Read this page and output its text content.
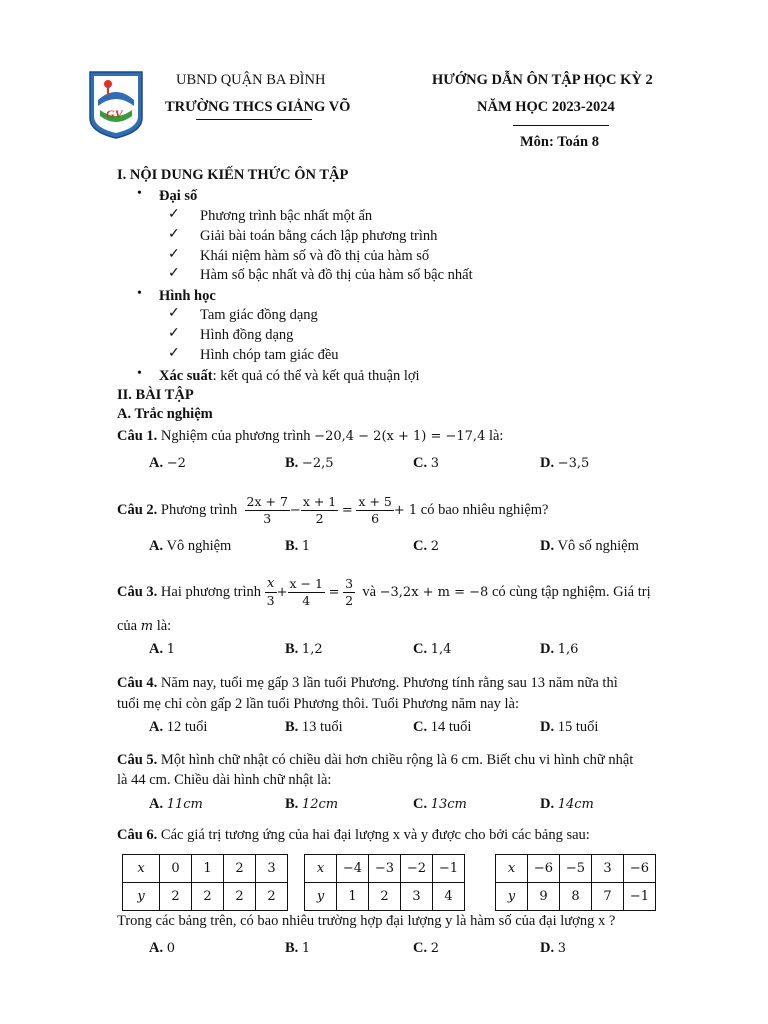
GV
UBND QUẬN BA ĐÌNH
TRƯỜNG THCS GIẢNG VÕ
HƯỚNG DẪN ÔN TẬP HỌC KỲ 2
NĂM HỌC 2023-2024
Môn: Toán 8
I. NỘI DUNG KIẾN THỨC ÔN TẬP
• Đại số
✓ Phương trình bậc nhất một ẩn
✓ Giải bài toán bằng cách lập phương trình
✓ Khái niệm hàm số và đồ thị của hàm số
✓ Hàm số bậc nhất và đồ thị của hàm số bậc nhất
• Hình học
✓ Tam giác đồng dạng
✓ Hình đồng dạng
✓ Hình chóp tam giác đều
• Xác suất: kết quả có thể và kết quả thuận lợi
II. BÀI TẬP
A. Trắc nghiệm
Câu 1. Nghiệm của phương trình −20,4 − 2(x + 1) = −17,4 là:
A. −2	B. −2,5	C. 3	D. −3,5
Câu 2. Phương trình $\frac{2x + 7}{3} - \frac{x + 1}{2} = \frac{x + 5}{6} + 1$ có bao nhiêu nghiệm?
A. Vô nghiệm	B. 1	C. 2	D. Vô số nghiệm
Câu 3. Hai phương trình $\frac{x}{3} + \frac{x - 1}{4} = \frac{3}{2}$ và −3,2x + m = −8 có cùng tập nghiệm. Giá trị
của m là:
A. 1	B. 1,2	C. 1,4	D. 1,6
Câu 4. Năm nay, tuổi mẹ gấp 3 lần tuổi Phương. Phương tính rằng sau 13 năm nữa thì
tuổi mẹ chỉ còn gấp 2 lần tuổi Phương thôi. Tuổi Phương năm nay là:
A. 12 tuổi	B. 13 tuổi	C. 14 tuổi	D. 15 tuổi
Câu 5. Một hình chữ nhật có chiều dài hơn chiều rộng là 6 cm. Biết chu vi hình chữ nhật
là 44 cm. Chiều dài hình chữ nhật là:
A. 11cm	B. 12cm	C. 13cm	D. 14cm
Câu 6. Các giá trị tương ứng của hai đại lượng x và y được cho bởi các bảng sau:
x	0	1	2	3
y	2	2	2	2
x	−4	−3	−2	−1
y	1	2	3	4
x	−6	−5	3	−6
y	9	8	7	−1
Trong các bảng trên, có bao nhiêu trường hợp đại lượng y là hàm số của đại lượng x ?
A. 0	B. 1	C. 2	D. 3
